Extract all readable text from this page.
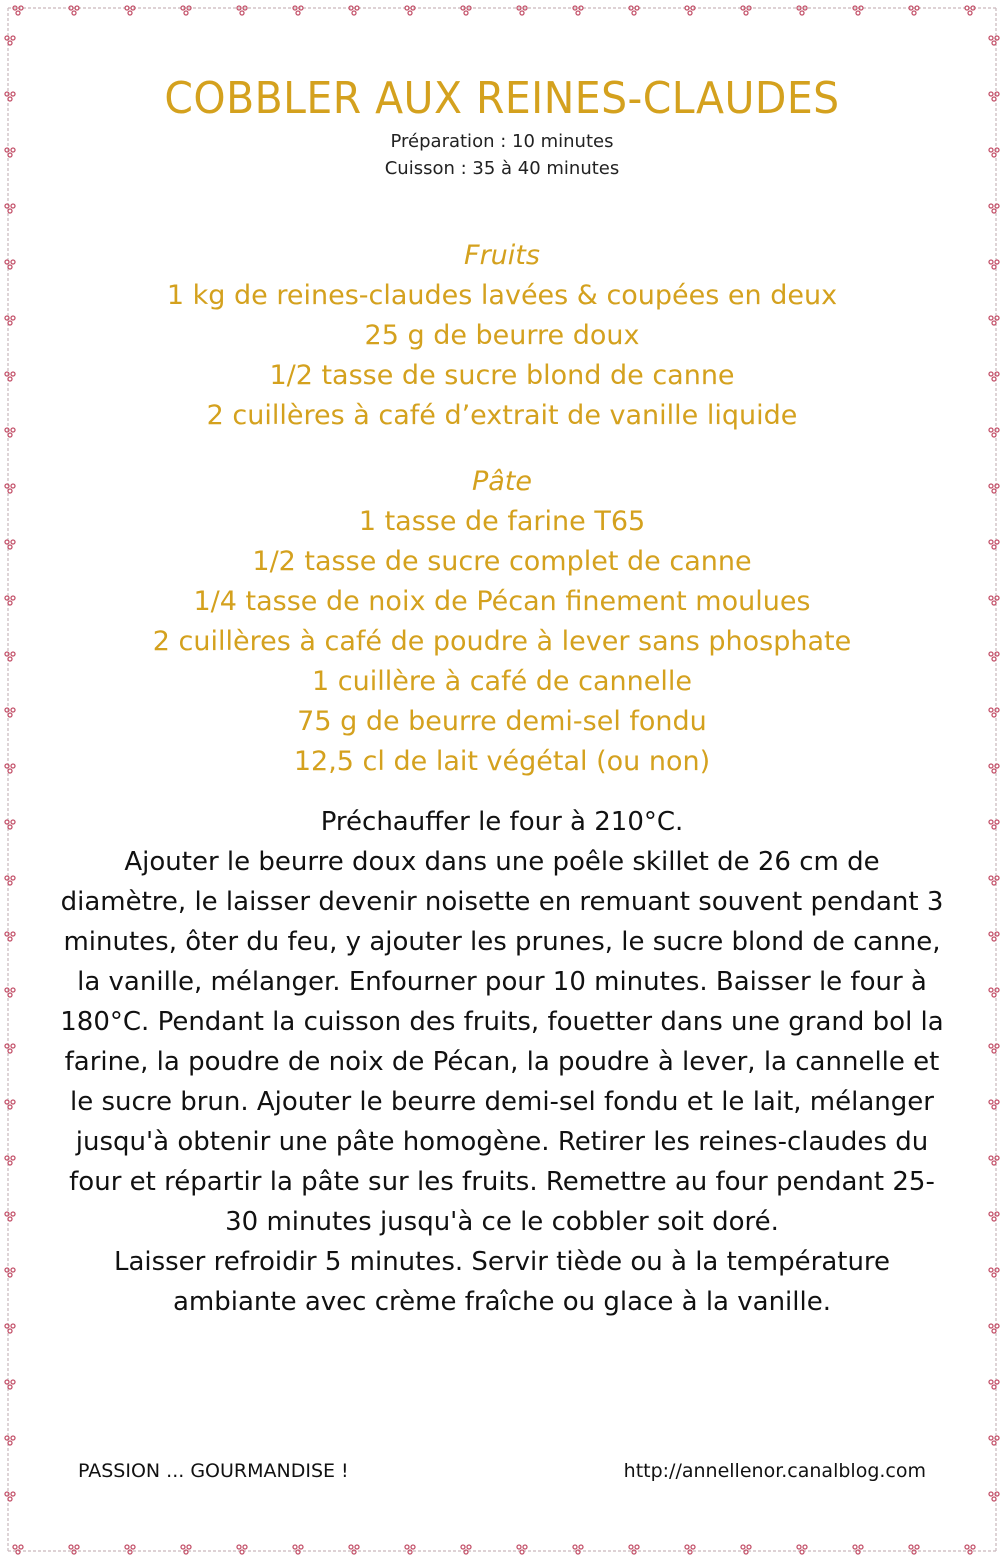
COBBLER AUX REINES-CLAUDES
Préparation : 10 minutes
Cuisson : 35 à 40 minutes
Fruits
1 kg de reines-claudes lavées & coupées en deux
25 g de beurre doux
1/2 tasse de sucre blond de canne
2 cuillères à café d’extrait de vanille liquide
Pâte
1 tasse de farine T65
1/2 tasse de sucre complet de canne
1/4 tasse de noix de Pécan finement moulues
2 cuillères à café de poudre à lever sans phosphate
1 cuillère à café de cannelle
75 g de beurre demi-sel fondu
12,5 cl de lait végétal (ou non)
Préchauffer le four à 210°C.
Ajouter le beurre doux dans une poêle skillet de 26 cm de diamètre, le laisser devenir noisette en remuant souvent pendant 3 minutes, ôter du feu, y ajouter les prunes, le sucre blond de canne, la vanille, mélanger. Enfourner pour 10 minutes. Baisser le four à 180°C. Pendant la cuisson des fruits, fouetter dans une grand bol la farine, la poudre de noix de Pécan, la poudre à lever, la cannelle et le sucre brun. Ajouter le beurre demi-sel fondu et le lait, mélanger jusqu'à obtenir une pâte homogène. Retirer les reines-claudes du four et répartir la pâte sur les fruits. Remettre au four pendant 25-30 minutes jusqu'à ce le cobbler soit doré.
Laisser refroidir 5 minutes. Servir tiède ou à la température ambiante avec crème fraîche ou glace à la vanille.
PASSION ... GOURMANDISE !	http://annellenor.canalblog.com
